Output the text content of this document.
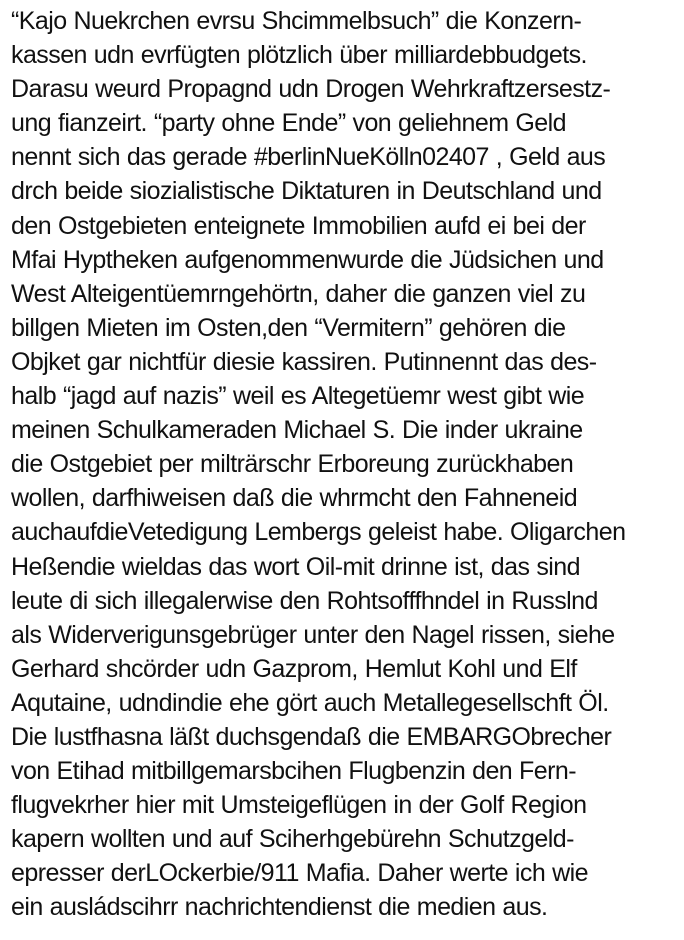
“Kajo Nuekrchen evrsu Shcimmelbsuch” die Konzern-
kassen udn evrfügten plötzlich über milliardebbudgets.
Darasu weurd Propagnd udn Drogen Wehrkraftzersestz-
ung fianzeirt. “party ohne Ende” von geliehnem Geld
nennt sich das gerade #berlinNueKölln02407 , Geld aus
drch beide siozialistische Diktaturen in Deutschland und
den Ostgebieten enteignete Immobilien aufd ei bei der
Mfai Hyptheken aufgenommenwurde die Jüdsichen und
West Alteigentüemrngehörtn, daher die ganzen viel zu
billgen Mieten im Osten,den “Vermitern” gehören die
Objket gar nichtfür diesie kassiren. Putinnennt das des-
halb “jagd auf nazis” weil es Altegetüemr west gibt wie
meinen Schulkameraden Michael S. Die inder ukraine
die Ostgebiet per milträrschr Erboreung zurückhaben
wollen, darfhiweisen daß die whrmcht den Fahneneid
auchaufdieVetedigung Lembergs geleist habe. Oligarchen
Heßendie wieldas das wort Oil-mit drinne ist, das sind
leute di sich illegalerwise den Rohtsofffhndel in Russlnd
als Widerverigunsgebrüger unter den Nagel rissen, siehe
Gerhard shcörder udn Gazprom, Hemlut Kohl und Elf
Aqutaine, udndindie ehe gört auch Metallegesellschft Öl.
Die lustfhasna läßt duchsgendaß die EMBARGObrecher
von Etihad mitbillgemarsbcihen Flugbenzin den Fern-
flugvekrher hier mit Umsteigeflügen in der Golf Region
kapern wollten und auf Sciherhgebürehn Schutzgeld-
epresser derLOckerbie/911 Mafia. Daher werte ich wie
ein ausládscihrr nachrichtendienst die medien aus.
